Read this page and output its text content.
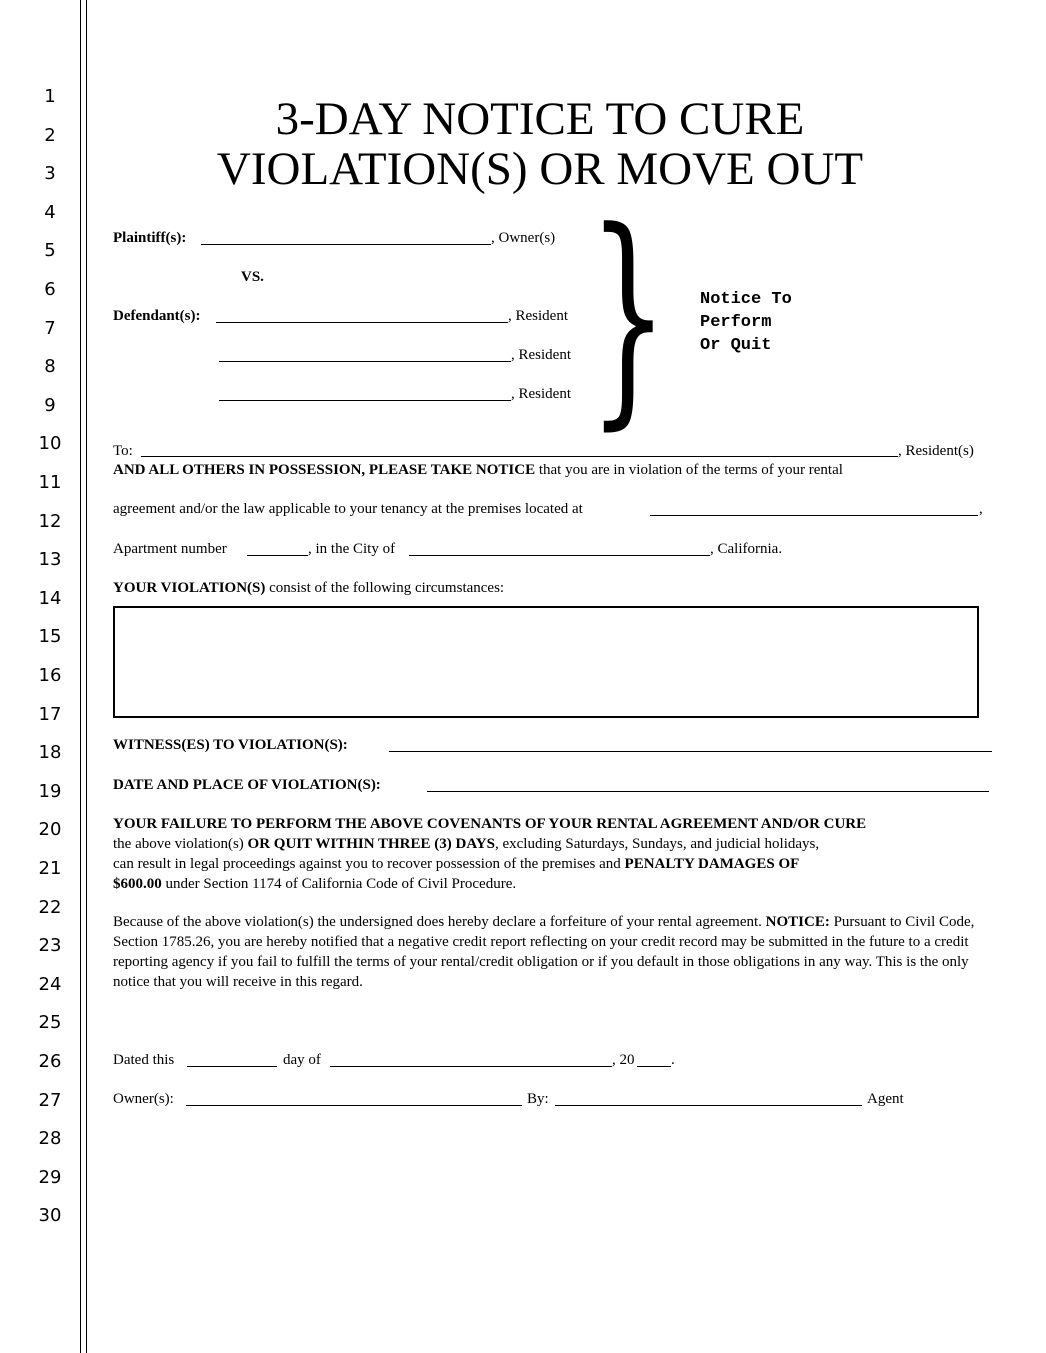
1
2
3
4
5
6
7
8
9
10
11
12
13
14
15
16
17
18
19
20
21
22
23
24
25
26
27
28
29
30
3-DAY NOTICE TO CURE
VIOLATION(S) OR MOVE OUT
Plaintiff(s):	, Owner(s)
VS.
Defendant(s):	, Resident
, Resident
, Resident } Notice To
Perform
Or Quit
To:	, Resident(s)
AND ALL OTHERS IN POSSESSION, PLEASE TAKE NOTICE that you are in violation of the terms of your rental
agreement and/or the law applicable to your tenancy at the premises located at	,
Apartment number	, in the City of	, California.
YOUR VIOLATION(S) consist of the following circumstances:
WITNESS(ES) TO VIOLATION(S):
DATE AND PLACE OF VIOLATION(S):
YOUR FAILURE TO PERFORM THE ABOVE COVENANTS OF YOUR RENTAL AGREEMENT AND/OR CURE
the above violation(s) OR QUIT WITHIN THREE (3) DAYS, excluding Saturdays, Sundays, and judicial holidays,
can result in legal proceedings against you to recover possession of the premises and PENALTY DAMAGES OF
$600.00 under Section 1174 of California Code of Civil Procedure.
Because of the above violation(s) the undersigned does hereby declare a forfeiture of your rental agreement. NOTICE: Pursuant to Civil Code, Section 1785.26, you are hereby notified that a negative credit report reflecting on your credit record may be submitted in the future to a credit reporting agency if you fail to fulfill the terms of your rental/credit obligation or if you default in those obligations in any way. This is the only notice that you will receive in this regard.
Dated this	day of	, 20 .
Owner(s):	By:	Agent
